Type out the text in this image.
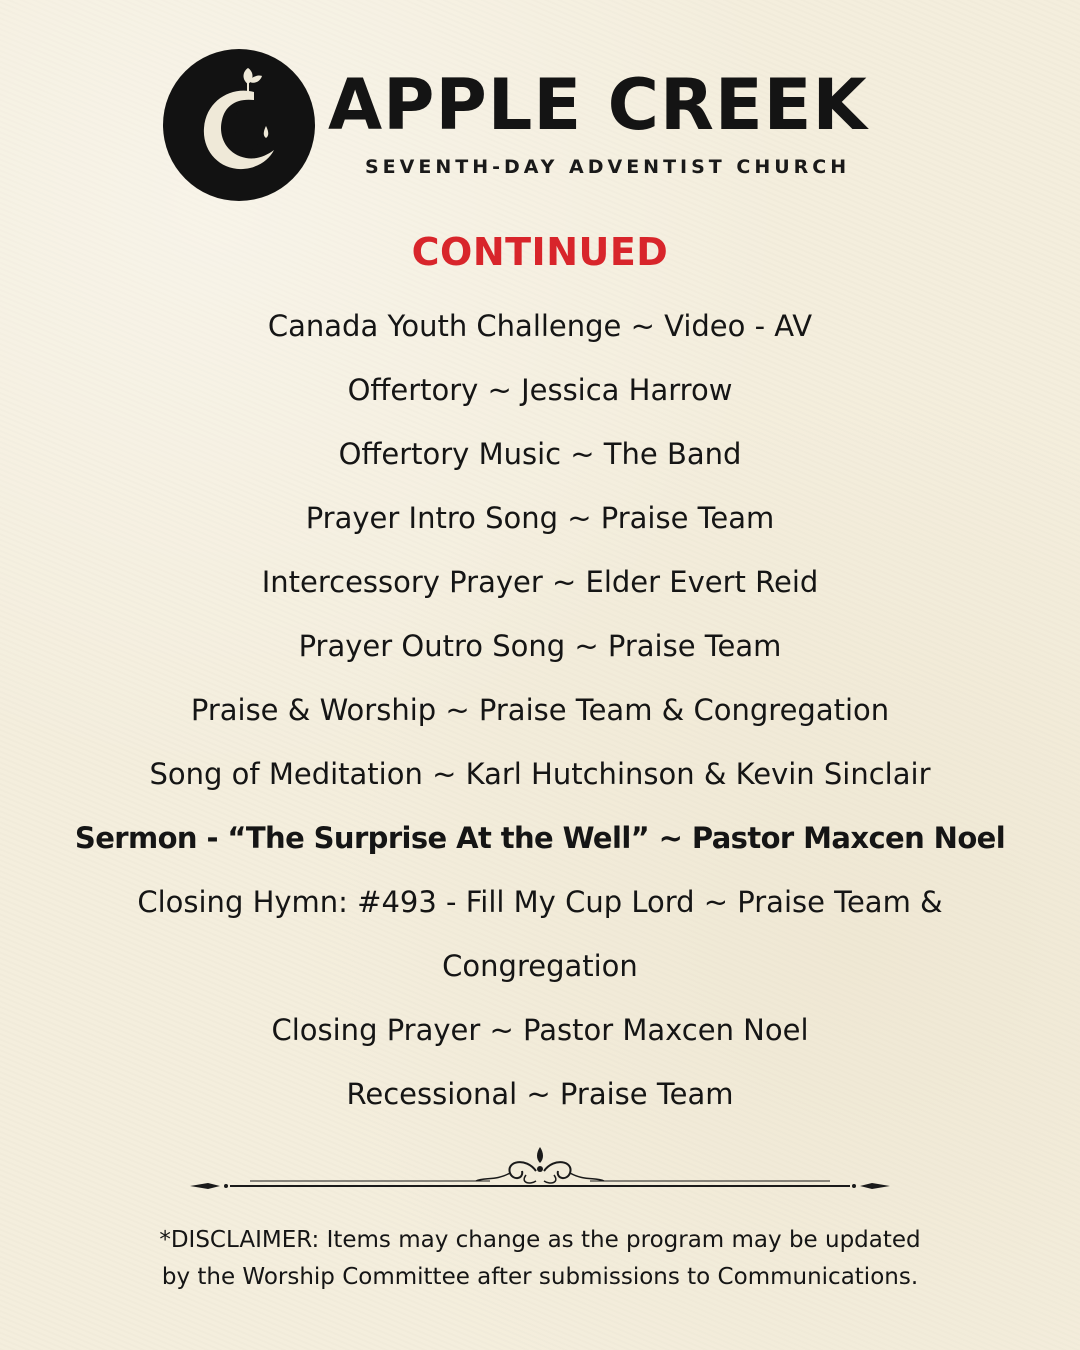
APPLE CREEK
SEVENTH-DAY ADVENTIST CHURCH
CONTINUED
Canada Youth Challenge ~ Video - AV
Offertory ~ Jessica Harrow
Offertory Music ~ The Band
Prayer Intro Song ~ Praise Team
Intercessory Prayer ~ Elder Evert Reid
Prayer Outro Song ~ Praise Team
Praise & Worship ~ Praise Team & Congregation
Song of Meditation ~ Karl Hutchinson & Kevin Sinclair
Sermon - “The Surprise At the Well” ~ Pastor Maxcen Noel
Closing Hymn: #493 - Fill My Cup Lord ~ Praise Team &
Congregation
Closing Prayer ~ Pastor Maxcen Noel
Recessional ~ Praise Team
*DISCLAIMER: Items may change as the program may be updated
by the Worship Committee after submissions to Communications.
